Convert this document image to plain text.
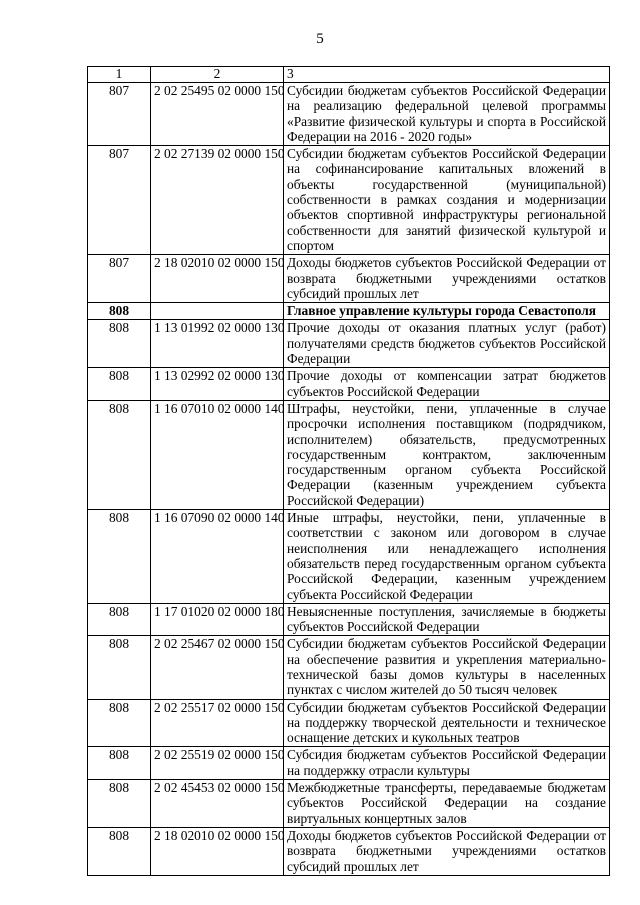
5
1	2	3
807	2 02 25495 02 0000 150	Субсидии бюджетам субъектов Российской Федерации на реализацию федеральной целевой программы «Развитие физической культуры и спорта в Российской Федерации на 2016 - 2020 годы»
807	2 02 27139 02 0000 150	Субсидии бюджетам субъектов Российской Федерации на софинансирование капитальных вложений в объекты государственной (муниципальной) собственности в рамках создания и модернизации объектов спортивной инфраструктуры региональной собственности для занятий физической культурой и спортом
807	2 18 02010 02 0000 150	Доходы бюджетов субъектов Российской Федерации от возврата бюджетными учреждениями остатков субсидий прошлых лет
808		Главное управление культуры города Севастополя
808	1 13 01992 02 0000 130	Прочие доходы от оказания платных услуг (работ) получателями средств бюджетов субъектов Российской Федерации
808	1 13 02992 02 0000 130	Прочие доходы от компенсации затрат бюджетов субъектов Российской Федерации
808	1 16 07010 02 0000 140	Штрафы, неустойки, пени, уплаченные в случае просрочки исполнения поставщиком (подрядчиком, исполнителем) обязательств, предусмотренных государственным контрактом, заключенным государственным органом субъекта Российской Федерации (казенным учреждением субъекта Российской Федерации)
808	1 16 07090 02 0000 140	Иные штрафы, неустойки, пени, уплаченные в соответствии с законом или договором в случае неисполнения или ненадлежащего исполнения обязательств перед государственным органом субъекта Российской Федерации, казенным учреждением субъекта Российской Федерации
808	1 17 01020 02 0000 180	Невыясненные поступления, зачисляемые в бюджеты субъектов Российской Федерации
808	2 02 25467 02 0000 150	Субсидии бюджетам субъектов Российской Федерации на обеспечение развития и укрепления материально-технической базы домов культуры в населенных пунктах с числом жителей до 50 тысяч человек
808	2 02 25517 02 0000 150	Субсидии бюджетам субъектов Российской Федерации на поддержку творческой деятельности и техническое оснащение детских и кукольных театров
808	2 02 25519 02 0000 150	Субсидия бюджетам субъектов Российской Федерации на поддержку отрасли культуры
808	2 02 45453 02 0000 150	Межбюджетные трансферты, передаваемые бюджетам субъектов Российской Федерации на создание виртуальных концертных залов
808	2 18 02010 02 0000 150	Доходы бюджетов субъектов Российской Федерации от возврата бюджетными учреждениями остатков субсидий прошлых лет
